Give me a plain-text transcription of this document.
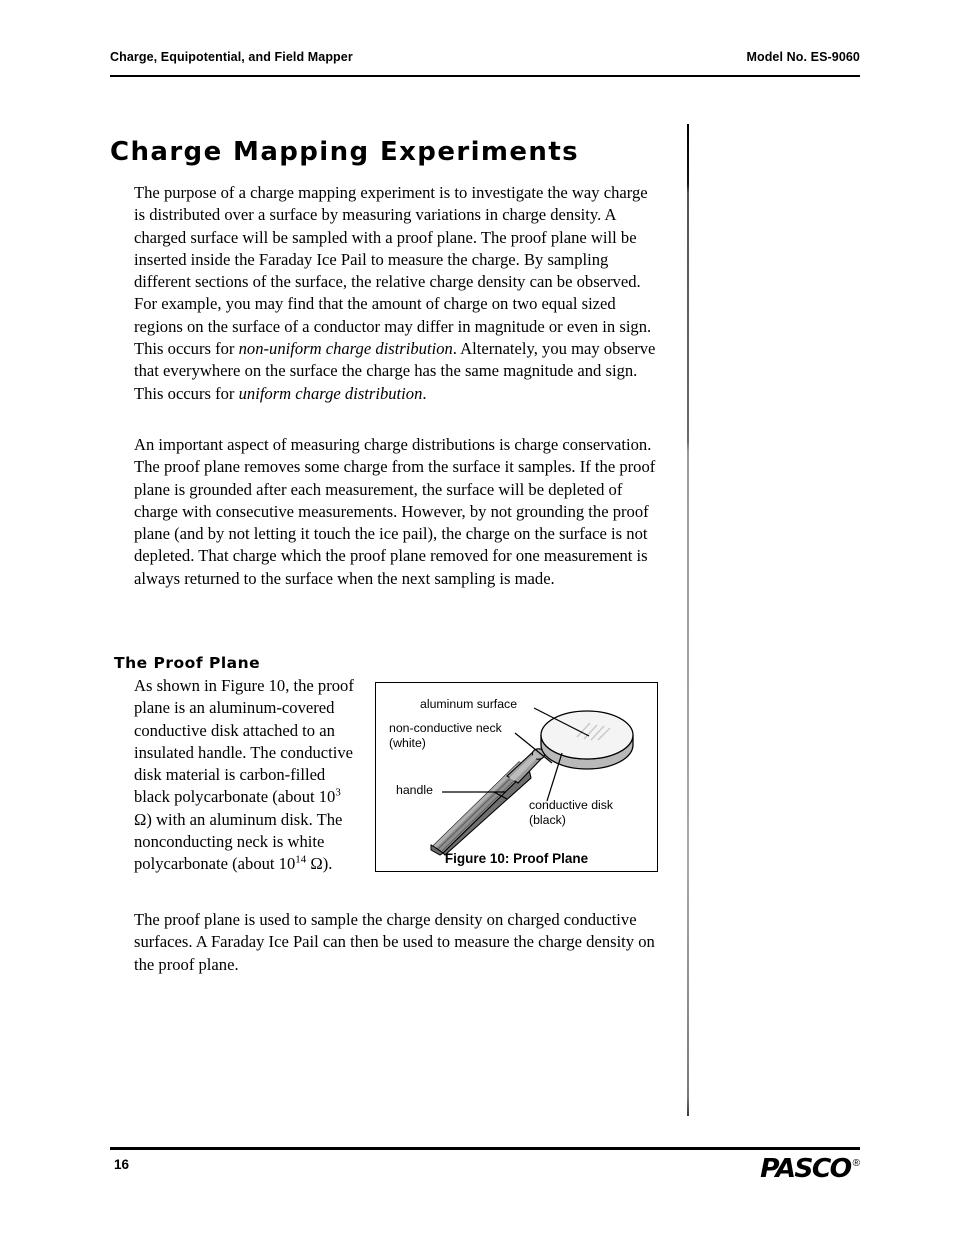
Charge, Equipotential, and Field Mapper	Model No. ES-9060
Charge Mapping Experiments
The purpose of a charge mapping experiment is to investigate the way charge is distributed over a surface by measuring variations in charge density. A charged surface will be sampled with a proof plane. The proof plane will be inserted inside the Faraday Ice Pail to measure the charge. By sampling different sections of the surface, the relative charge density can be observed. For example, you may find that the amount of charge on two equal sized regions on the surface of a conductor may differ in magnitude or even in sign. This occurs for non-uniform charge distribution. Alternately, you may observe that everywhere on the surface the charge has the same magnitude and sign. This occurs for uniform charge distribution.
An important aspect of measuring charge distributions is charge conservation. The proof plane removes some charge from the surface it samples. If the proof plane is grounded after each measurement, the surface will be depleted of charge with consecutive measurements. However, by not grounding the proof plane (and by not letting it touch the ice pail), the charge on the surface is not depleted. That charge which the proof plane removed for one measurement is always returned to the surface when the next sampling is made.
The Proof Plane
As shown in Figure 10, the proof plane is an aluminum-covered conductive disk attached to an insulated handle. The conductive disk material is carbon-filled black polycarbonate (about $10^3$ Ω) with an aluminum disk. The nonconducting neck is white polycarbonate (about $10^{14}$ Ω).
aluminum surface
non-conductive neck
(white)
handle
conductive disk
(black)
Figure 10: Proof Plane
The proof plane is used to sample the charge density on charged conductive surfaces. A Faraday Ice Pail can then be used to measure the charge density on the proof plane.
16	PASCO ®
